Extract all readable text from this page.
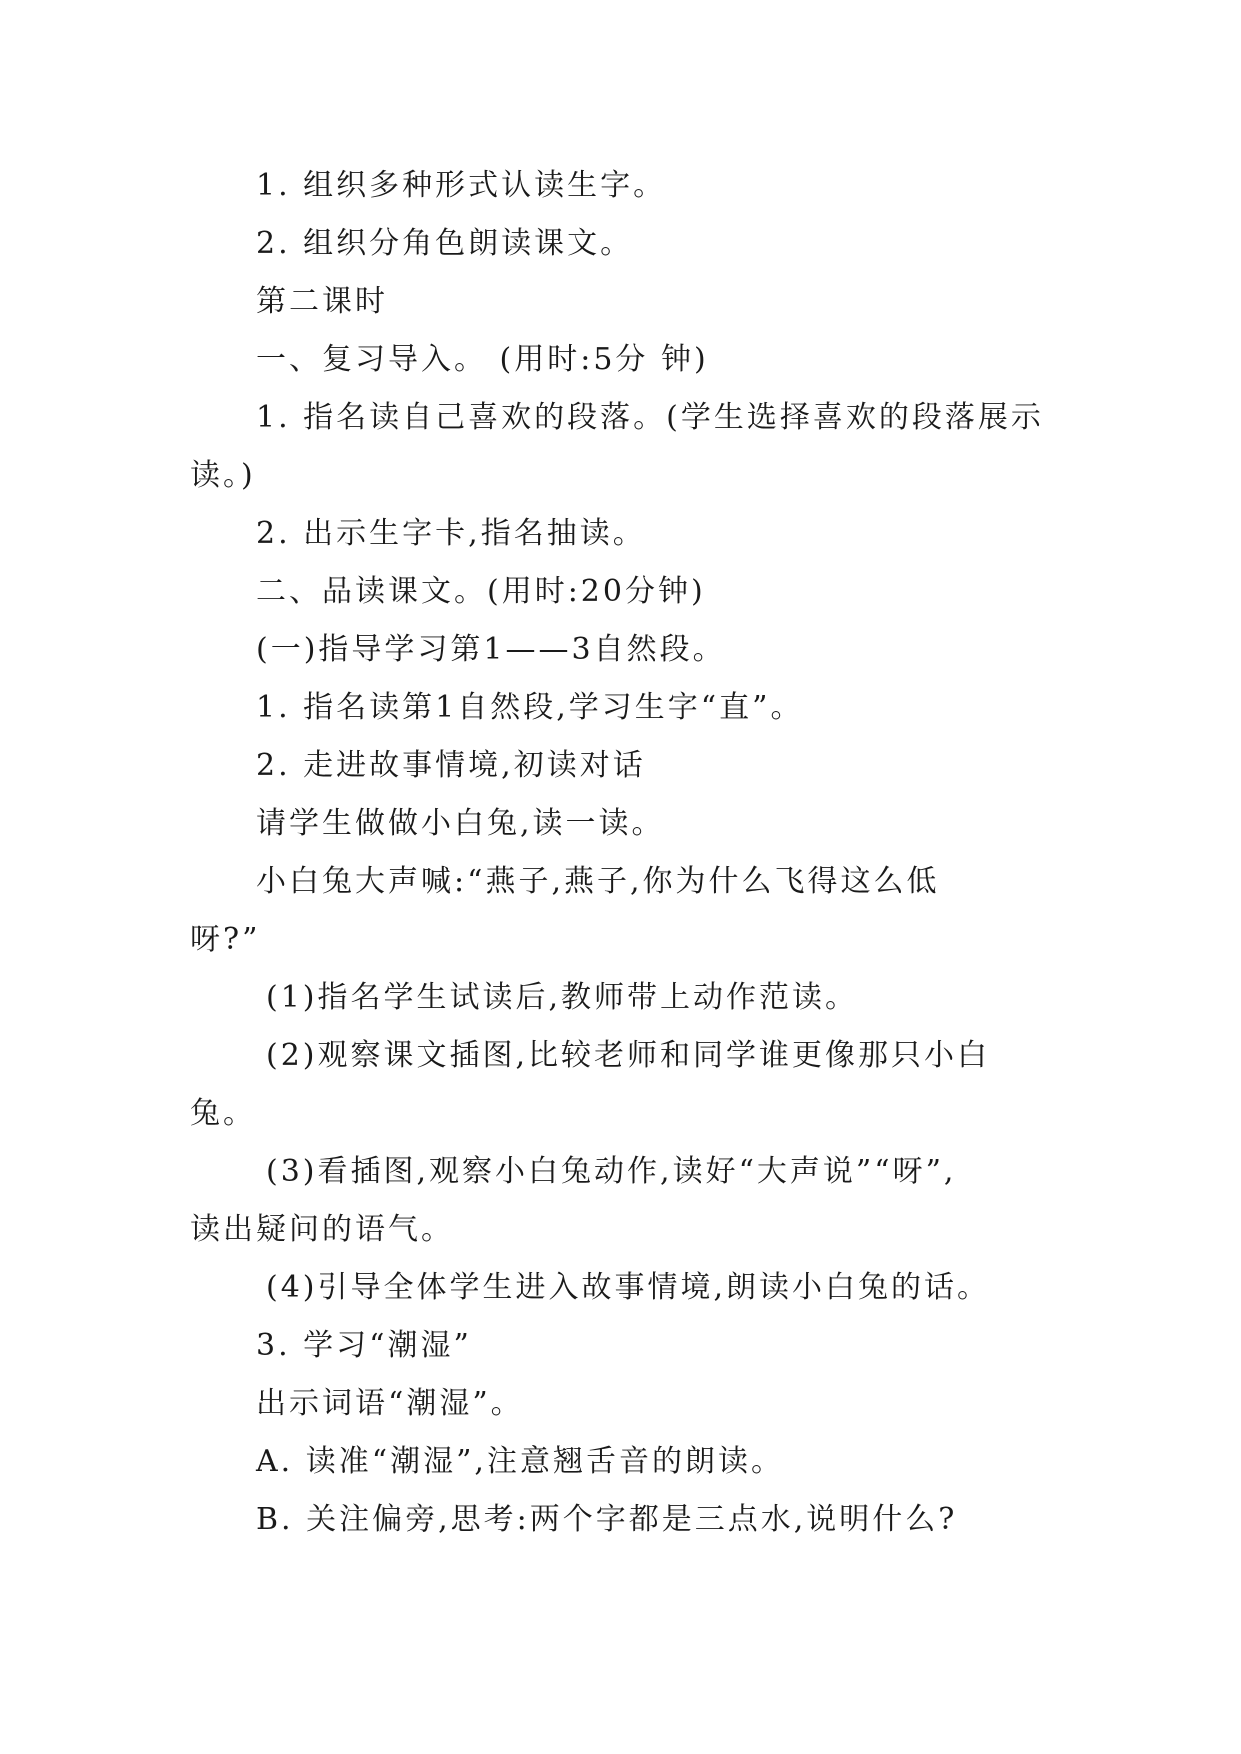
1. 组织多种形式认读生字。

2. 组织分角色朗读课文。

第二课时

一、复习导入。 (用时:5分 钟)

1. 指名读自己喜欢的段落。(学生选择喜欢的段落展示

读。)

2. 出示生字卡,指名抽读。

二、品读课文。(用时:20分钟)

(一)指导学习第1——3自然段。

1. 指名读第1自然段,学习生字“直”。

2. 走进故事情境,初读对话

请学生做做小白兔,读一读。

小白兔大声喊:“燕子,燕子,你为什么飞得这么低

呀?”

(1)指名学生试读后,教师带上动作范读。

(2)观察课文插图,比较老师和同学谁更像那只小白

兔。

(3)看插图,观察小白兔动作,读好“大声说”“呀”,

读出疑问的语气。

(4)引导全体学生进入故事情境,朗读小白兔的话。

3. 学习“潮湿”

出示词语“潮湿”。

A. 读准“潮湿”,注意翘舌音的朗读。

B. 关注偏旁,思考:两个字都是三点水,说明什么?
